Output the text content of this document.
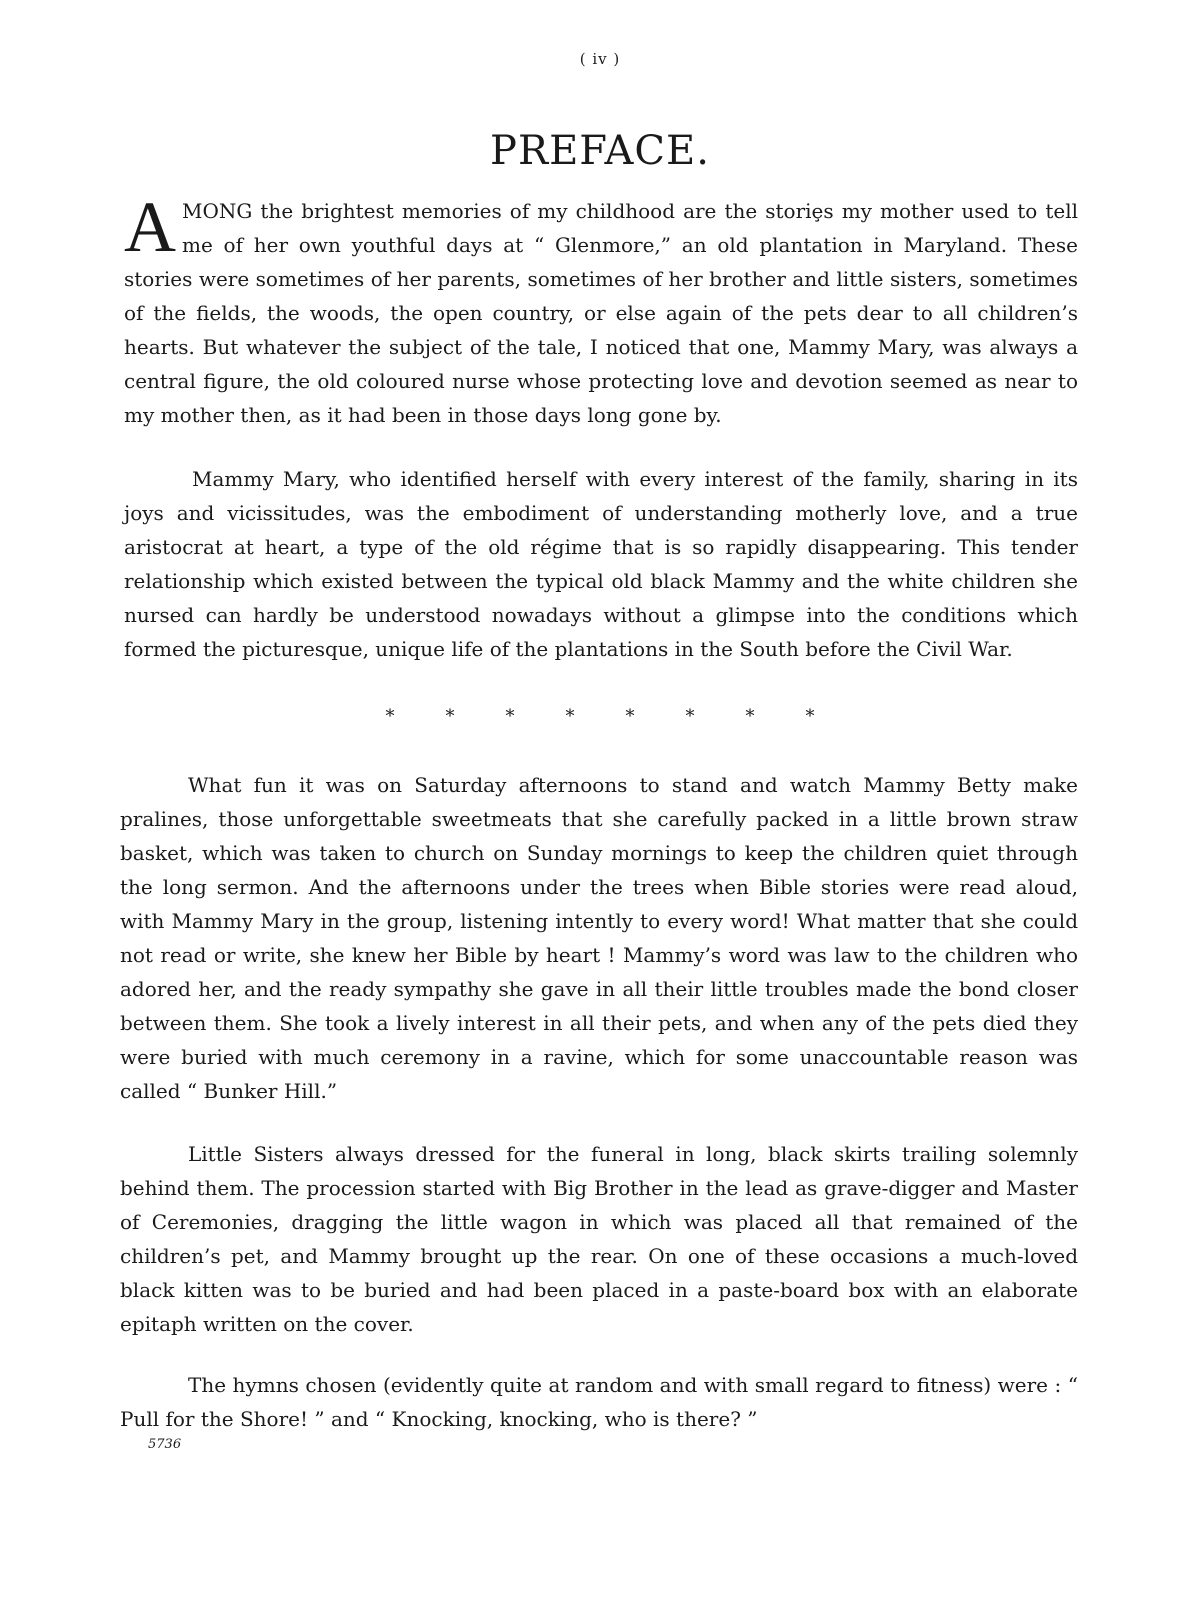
( iv )
PREFACE.

AMONG the brightest memories of my childhood are the storiȩs my mother used to tell me of her own youthful days at “ Glenmore,” an old plantation in Maryland. These stories were sometimes of her parents, sometimes of her brother and little sisters, sometimes of the fields, the woods, the open country, or else again of the pets dear to all children’s hearts. But whatever the subject of the tale, I noticed that one, Mammy Mary, was always a central figure, the old coloured nurse whose protecting love and devotion seemed as near to my mother then, as it had been in those days long gone by.

Mammy Mary, who identified herself with every interest of the family, sharing in its joys and vicissitudes, was the embodiment of understanding motherly love, and a true aristocrat at heart, a type of the old régime that is so rapidly disappearing. This tender relationship which existed between the typical old black Mammy and the white children she nursed can hardly be understood nowadays without a glimpse into the conditions which formed the picturesque, unique life of the plantations in the South before the Civil War.

*	*	*	*	*	*	*	*

What fun it was on Saturday afternoons to stand and watch Mammy Betty make pralines, those unforgettable sweetmeats that she carefully packed in a little brown straw basket, which was taken to church on Sunday mornings to keep the children quiet through the long sermon. And the afternoons under the trees when Bible stories were read aloud, with Mammy Mary in the group, listening intently to every word! What matter that she could not read or write, she knew her Bible by heart ! Mammy’s word was law to the children who adored her, and the ready sympathy she gave in all their little troubles made the bond closer between them. She took a lively interest in all their pets, and when any of the pets died they were buried with much ceremony in a ravine, which for some unaccountable reason was called “ Bunker Hill.”

Little Sisters always dressed for the funeral in long, black skirts trailing solemnly behind them. The procession started with Big Brother in the lead as grave-digger and Master of Ceremonies, dragging the little wagon in which was placed all that remained of the children’s pet, and Mammy brought up the rear. On one of these occasions a much-loved black kitten was to be buried and had been placed in a paste-board box with an elaborate epitaph written on the cover.

The hymns chosen (evidently quite at random and with small regard to fitness) were : “ Pull for the Shore! ” and “ Knocking, knocking, who is there? ”

5736
